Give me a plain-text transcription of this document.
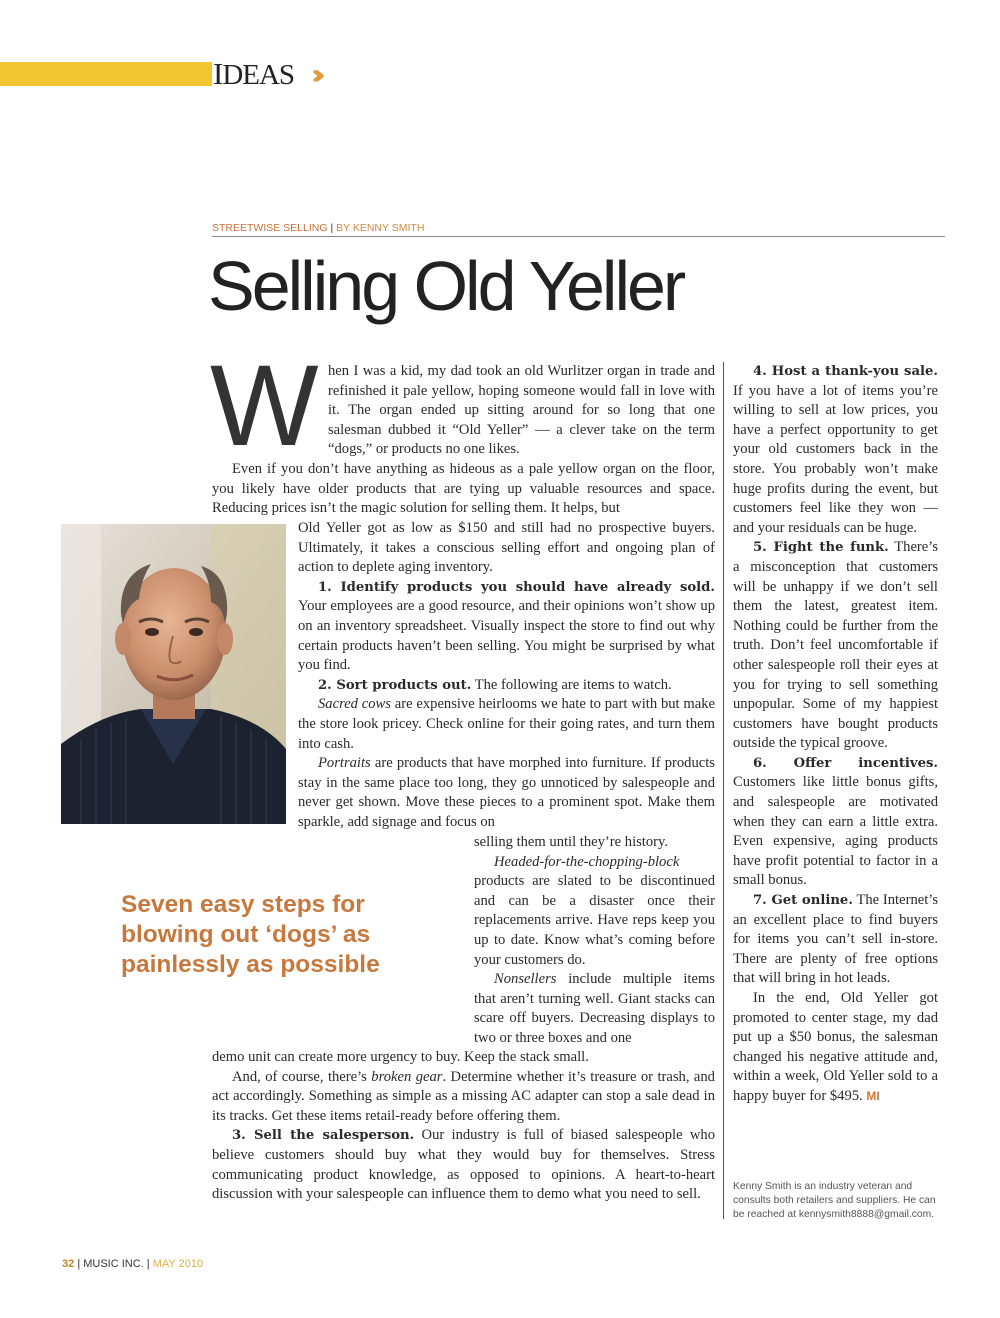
IDEAS ›››
STREETWISE SELLING | BY KENNY SMITH
Selling Old Yeller
W hen I was a kid, my dad took an old Wurlitzer organ in trade and refinished it pale yellow, hoping someone would fall in love with it. The organ ended up sitting around for so long that one salesman dubbed it “Old Yeller” — a clever take on the term “dogs,” or products no one likes.

Even if you don’t have anything as hideous as a pale yellow organ on the floor, you likely have older products that are tying up valuable resources and space. Reducing prices isn’t the magic solution for selling them. It helps, but

Old Yeller got as low as $150 and still had no prospective buyers. Ultimately, it takes a conscious selling effort and ongoing plan of action to deplete aging inventory.

1. Identify products you should have already sold. Your employees are a good resource, and their opinions won’t show up on an inventory spreadsheet. Visually inspect the store to find out why certain products haven’t been selling. You might be surprised by what you find.

2. Sort products out. The following are items to watch.

Sacred cows are expensive heirlooms we hate to part with but make the store look pricey. Check online for their going rates, and turn them into cash.

Portraits are products that have morphed into furniture. If products stay in the same place too long, they go unnoticed by salespeople and never get shown. Move these pieces to a prominent spot. Make them sparkle, add signage and focus on

selling them until they’re history.

Headed-for-the-chopping-block products are slated to be discontinued and can be a disaster once their replacements arrive. Have reps keep you up to date. Know what’s coming before your customers do.

Nonsellers include multiple items that aren’t turning well. Giant stacks can scare off buyers. Decreasing displays to two or three boxes and one

demo unit can create more urgency to buy. Keep the stack small.

And, of course, there’s broken gear. Determine whether it’s treasure or trash, and act accordingly. Something as simple as a missing AC adapter can stop a sale dead in its tracks. Get these items retail-ready before offering them.

3. Sell the salesperson. Our industry is full of biased salespeople who believe customers should buy what they would buy for themselves. Stress communicating product knowledge, as opposed to opinions. A heart-to-heart discussion with your salespeople can influence them to demo what you need to sell.

4. Host a thank-you sale. If you have a lot of items you’re willing to sell at low prices, you have a perfect opportunity to get your old customers back in the store. You probably won’t make huge profits during the event, but customers feel like they won — and your residuals can be huge.

5. Fight the funk. There’s a misconception that customers will be unhappy if we don’t sell them the latest, greatest item. Nothing could be further from the truth. Don’t feel uncomfortable if other salespeople roll their eyes at you for trying to sell something unpopular. Some of my happiest customers have bought products outside the typical groove.

6. Offer incentives. Customers like little bonus gifts, and salespeople are motivated when they can earn a little extra. Even expensive, aging products have profit potential to factor in a small bonus.

7. Get online. The Internet’s an excellent place to find buyers for items you can’t sell in-store. There are plenty of free options that will bring in hot leads.

In the end, Old Yeller got promoted to center stage, my dad put up a $50 bonus, the salesman changed his negative attitude and, within a week, Old Yeller sold to a happy buyer for $495. MI

Kenny Smith is an industry veteran and consults both retailers and suppliers. He can be reached at kennysmith8888@gmail.com.
Seven easy steps for blowing out ‘dogs’ as painlessly as possible
32 | MUSIC INC. | MAY 2010
